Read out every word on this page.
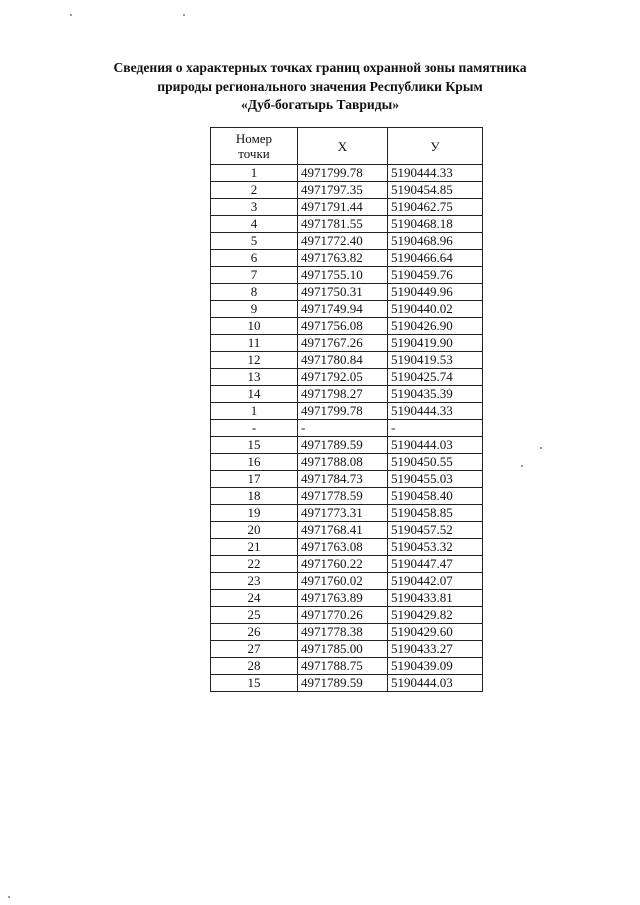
Сведения о характерных точках границ охранной зоны памятника
природы регионального значения Республики Крым
«Дуб-богатырь Тавриды»
Номер
точки	X	У
1	4971799.78	5190444.33
2	4971797.35	5190454.85
3	4971791.44	5190462.75
4	4971781.55	5190468.18
5	4971772.40	5190468.96
6	4971763.82	5190466.64
7	4971755.10	5190459.76
8	4971750.31	5190449.96
9	4971749.94	5190440.02
10	4971756.08	5190426.90
11	4971767.26	5190419.90
12	4971780.84	5190419.53
13	4971792.05	5190425.74
14	4971798.27	5190435.39
1	4971799.78	5190444.33
-	-	-
15	4971789.59	5190444.03
16	4971788.08	5190450.55
17	4971784.73	5190455.03
18	4971778.59	5190458.40
19	4971773.31	5190458.85
20	4971768.41	5190457.52
21	4971763.08	5190453.32
22	4971760.22	5190447.47
23	4971760.02	5190442.07
24	4971763.89	5190433.81
25	4971770.26	5190429.82
26	4971778.38	5190429.60
27	4971785.00	5190433.27
28	4971788.75	5190439.09
15	4971789.59	5190444.03
